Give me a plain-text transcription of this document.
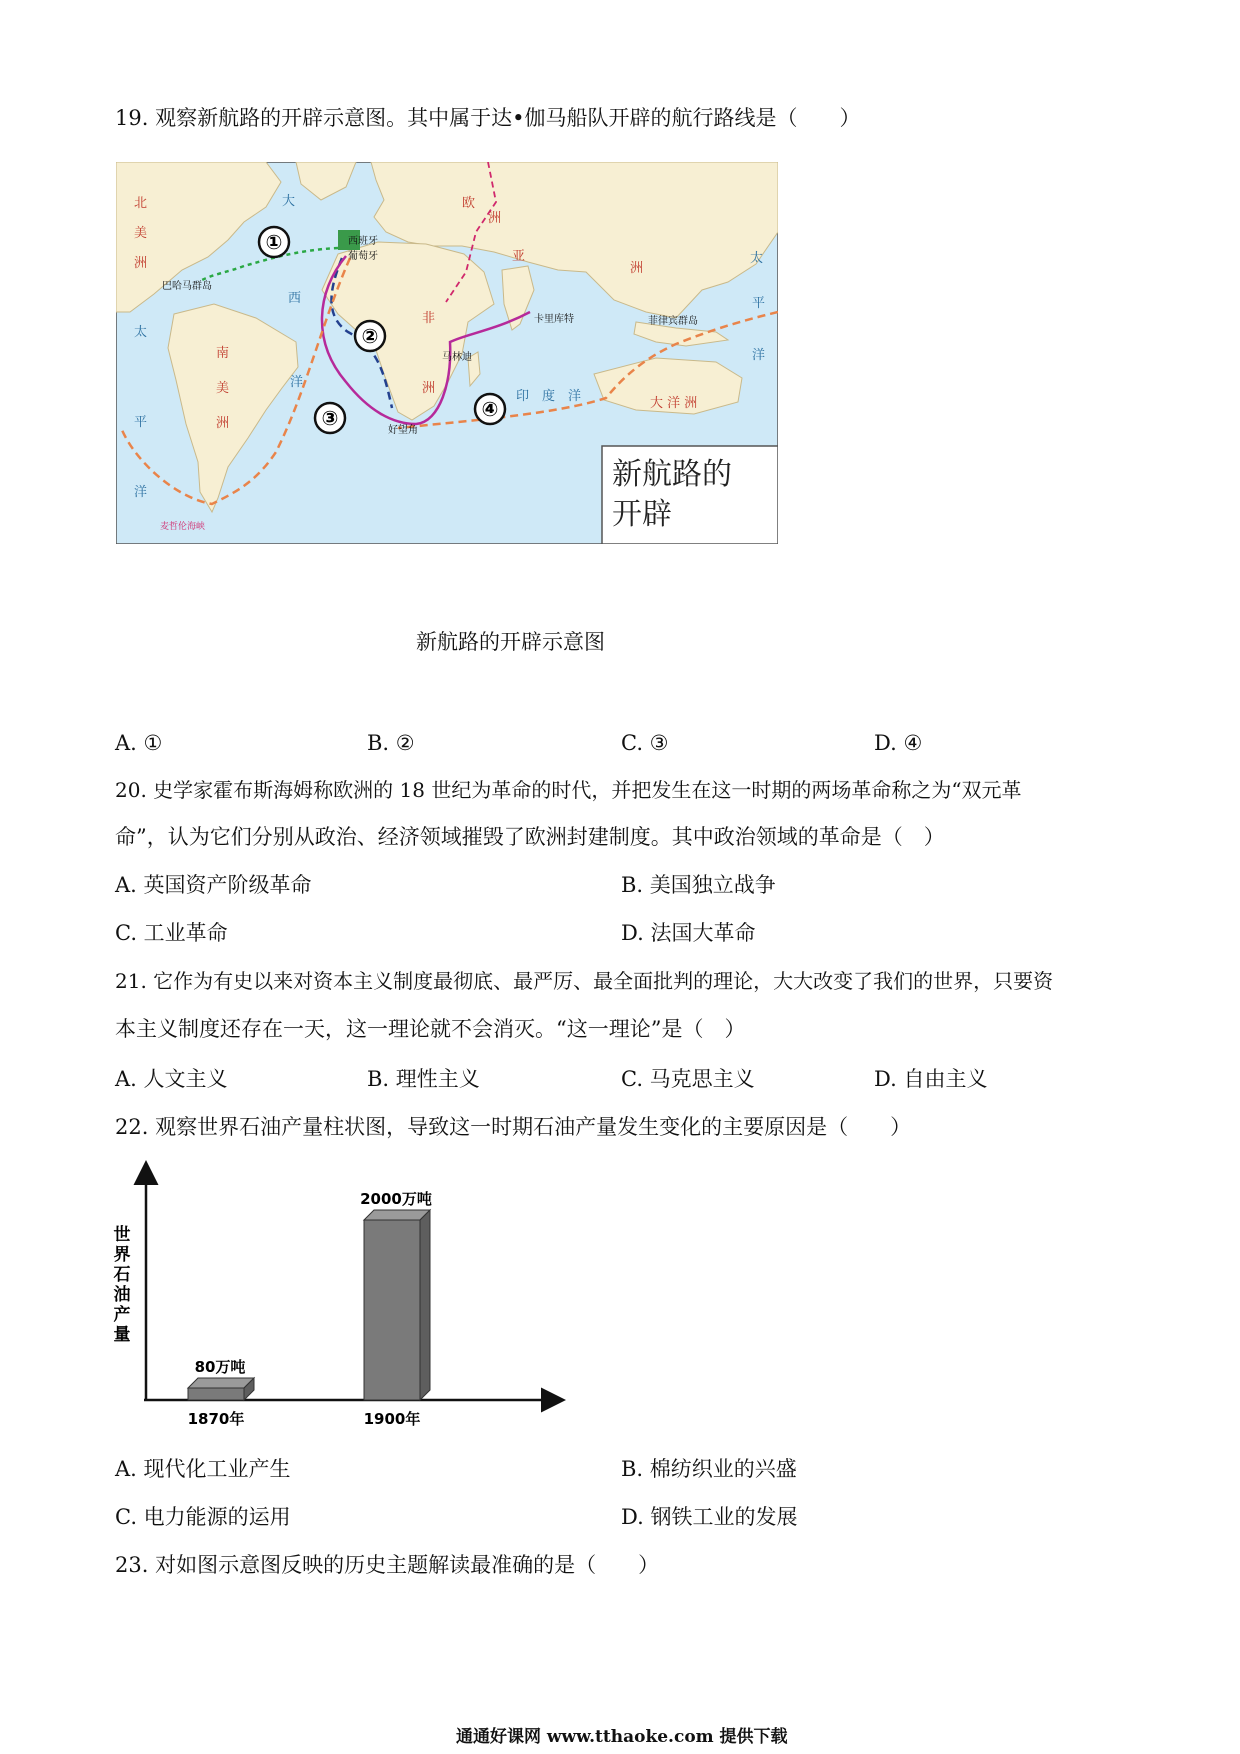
19. 观察新航路的开辟示意图。其中属于达•伽马船队开辟的航行路线是（　　）
①
②
③	④
西班牙
葡萄牙
巴哈马群岛
马林迪
卡里库特
好望角
菲律宾群岛
麦哲伦海峡
北
美
洲
南
美
洲
欧
洲
亚
洲
非
洲
大 洋 洲
大
西
洋
太
平
洋
太
平
洋
印　度　洋
新航路的
开辟
新航路的开辟示意图
A. ①	B. ②	C. ③	D. ④
20. 史学家霍布斯海姆称欧洲的 18 世纪为革命的时代，并把发生在这一时期的两场革命称之为“双元革
命”，认为它们分别从政治、经济领域摧毁了欧洲封建制度。其中政治领域的革命是（　）
A. 英国资产阶级革命	B. 美国独立战争
C. 工业革命	D. 法国大革命
21. 它作为有史以来对资本主义制度最彻底、最严厉、最全面批判的理论，大大改变了我们的世界，只要资
本主义制度还存在一天，这一理论就不会消灭。“这一理论”是（　）
A. 人文主义	B. 理性主义	C. 马克思主义	D. 自由主义
22. 观察世界石油产量柱状图，导致这一时期石油产量发生变化的主要原因是（　　）
世界石油产量
80万吨
1870年
2000万吨
1900年
A. 现代化工业产生	B. 棉纺织业的兴盛
C. 电力能源的运用	D. 钢铁工业的发展
23. 对如图示意图反映的历史主题解读最准确的是（　　）
通通好课网 www.tthaoke.com 提供下载
